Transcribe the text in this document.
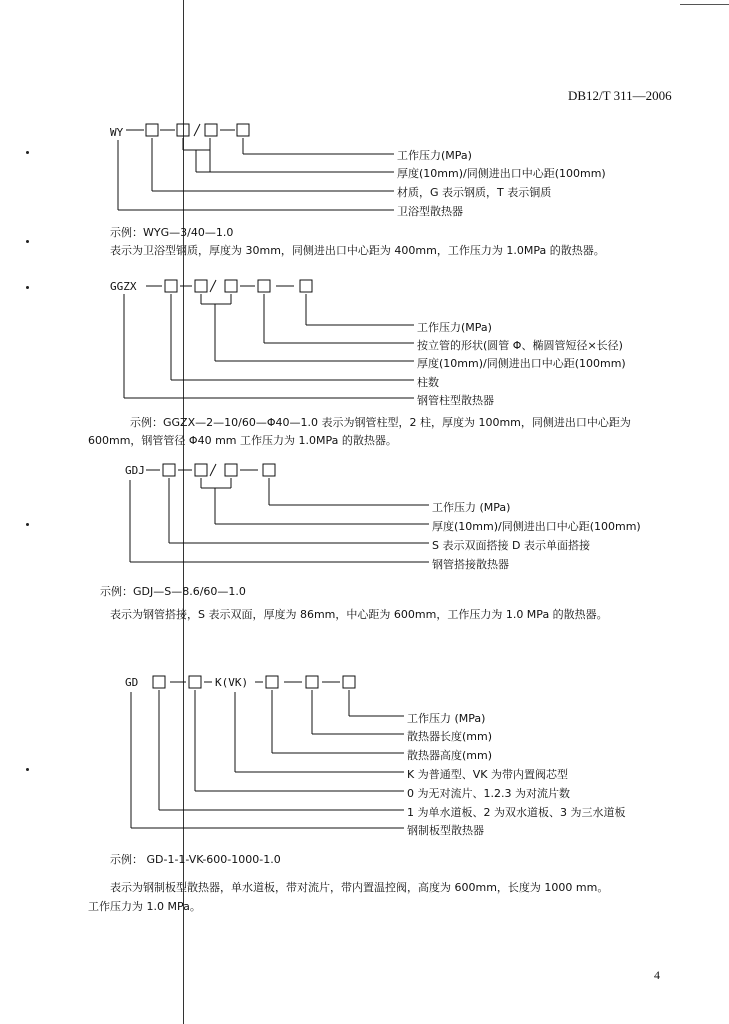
DB12/T 311—2006
WY
工作压力(MPa)
厚度(10mm)/同侧进出口中心距(100mm)
材质，G 表示钢质，T 表示铜质
卫浴型散热器
示例：WYG—3/40—1.0
表示为卫浴型钢质，厚度为 30mm，同侧进出口中心距为 400mm，工作压力为 1.0MPa 的散热器。
GGZX
工作压力(MPa)
按立管的形状(圆管 Φ、椭圆管短径×长径)
厚度(10mm)/同侧进出口中心距(100mm)
柱数
钢管柱型散热器
示例：GGZX—2—10/60—Φ40—1.0 表示为钢管柱型，2 柱，厚度为 100mm，同侧进出口中心距为
600mm，钢管管径 Φ40 mm 工作压力为 1.0MPa 的散热器。
GDJ
工作压力 (MPa)
厚度(10mm)/同侧进出口中心距(100mm)
S 表示双面搭接 D 表示单面搭接
钢管搭接散热器
示例：GDJ—S—8.6/60—1.0
表示为钢管搭接，S 表示双面，厚度为 86mm，中心距为 600mm，工作压力为 1.0 MPa 的散热器。
GD	K(VK)
工作压力 (MPa)
散热器长度(mm)
散热器高度(mm)
K 为普通型、VK 为带内置阀芯型
0 为无对流片、1.2.3 为对流片数
1 为单水道板、2 为双水道板、3 为三水道板
钢制板型散热器
示例： GD-1-1-VK-600-1000-1.0
表示为钢制板型散热器，单水道板，带对流片，带内置温控阀，高度为 600mm，长度为 1000 mm。
工作压力为 1.0 MPa。
4
